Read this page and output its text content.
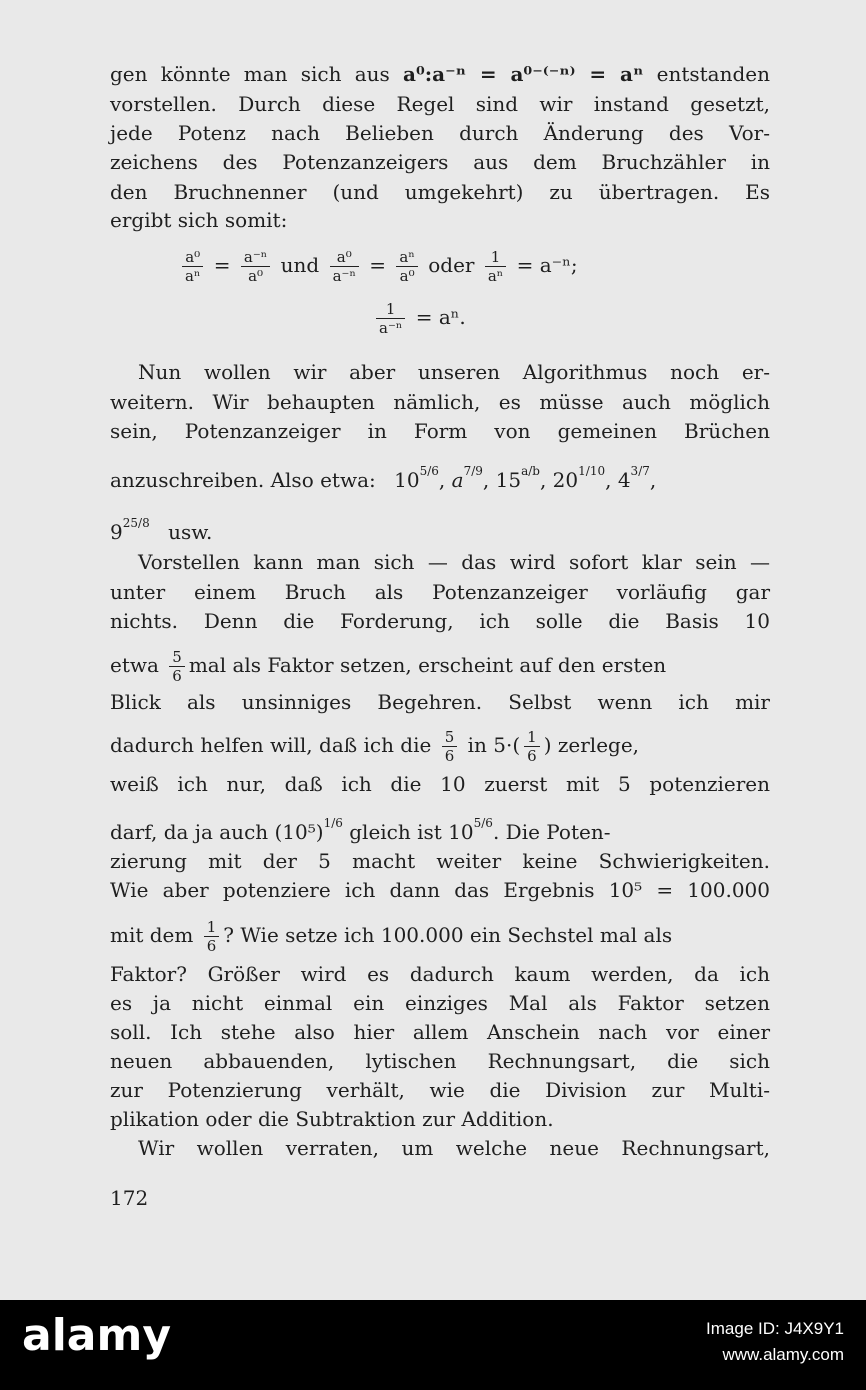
gen könnte man sich aus a⁰:a⁻ⁿ = a⁰⁻⁽⁻ⁿ⁾ = aⁿ entstanden
vorstellen. Durch diese Regel sind wir instand gesetzt,
jede Potenz nach Belieben durch Änderung des Vor-
zeichens des Potenzanzeigers aus dem Bruchzähler in
den Bruchnenner (und umgekehrt) zu übertragen. Es
ergibt sich somit:
$\frac{\text{a⁰}}{\text{aⁿ}} = \frac{\text{a⁻ⁿ}}{\text{a⁰}}$ und $\frac{\text{a⁰}}{\text{a⁻ⁿ}} = \frac{\text{aⁿ}}{\text{a⁰}}$ oder $\frac{1}{\text{aⁿ}} = a^{-n}$;
$\frac{1}{\text{a⁻ⁿ}} = a^n$.
Nun wollen wir aber unseren Algorithmus noch er-
weitern. Wir behaupten nämlich, es müsse auch möglich
sein, Potenzanzeiger in Form von gemeinen Brüchen
anzuschreiben. Also etwa: $10^{5/6}$, $a^{7/9}$, $15^{a/b}$, $20^{1/10}$, $4^{3/7}$,
$9^{25/8}$ usw.
Vorstellen kann man sich — das wird sofort klar sein —
unter einem Bruch als Potenzanzeiger vorläufig gar
nichts. Denn die Forderung, ich solle die Basis 10
etwa $\frac{5}{6}$ mal als Faktor setzen, erscheint auf den ersten
Blick als unsinniges Begehren. Selbst wenn ich mir
dadurch helfen will, daß ich die $\frac{5}{6}$ in $5\cdot( \frac{1}{6}$ ) zerlege,
weiß ich nur, daß ich die 10 zuerst mit 5 potenzieren
darf, da ja auch $(10^5)^{1/6}$ gleich ist $10^{5/6}$. Die Poten-
zierung mit der 5 macht weiter keine Schwierigkeiten.
Wie aber potenziere ich dann das Ergebnis 10⁵ = 100.000
mit dem $\frac{1}{6}$ ? Wie setze ich 100.000 ein Sechstel mal als
Faktor? Größer wird es dadurch kaum werden, da ich
es ja nicht einmal ein einziges Mal als Faktor setzen
soll. Ich stehe also hier allem Anschein nach vor einer
neuen abbauenden, lytischen Rechnungsart, die sich
zur Potenzierung verhält, wie die Division zur Multi-
plikation oder die Subtraktion zur Addition.
Wir wollen verraten, um welche neue Rechnungsart,
172
alamy	Image ID: J4X9Y1
www.alamy.com
